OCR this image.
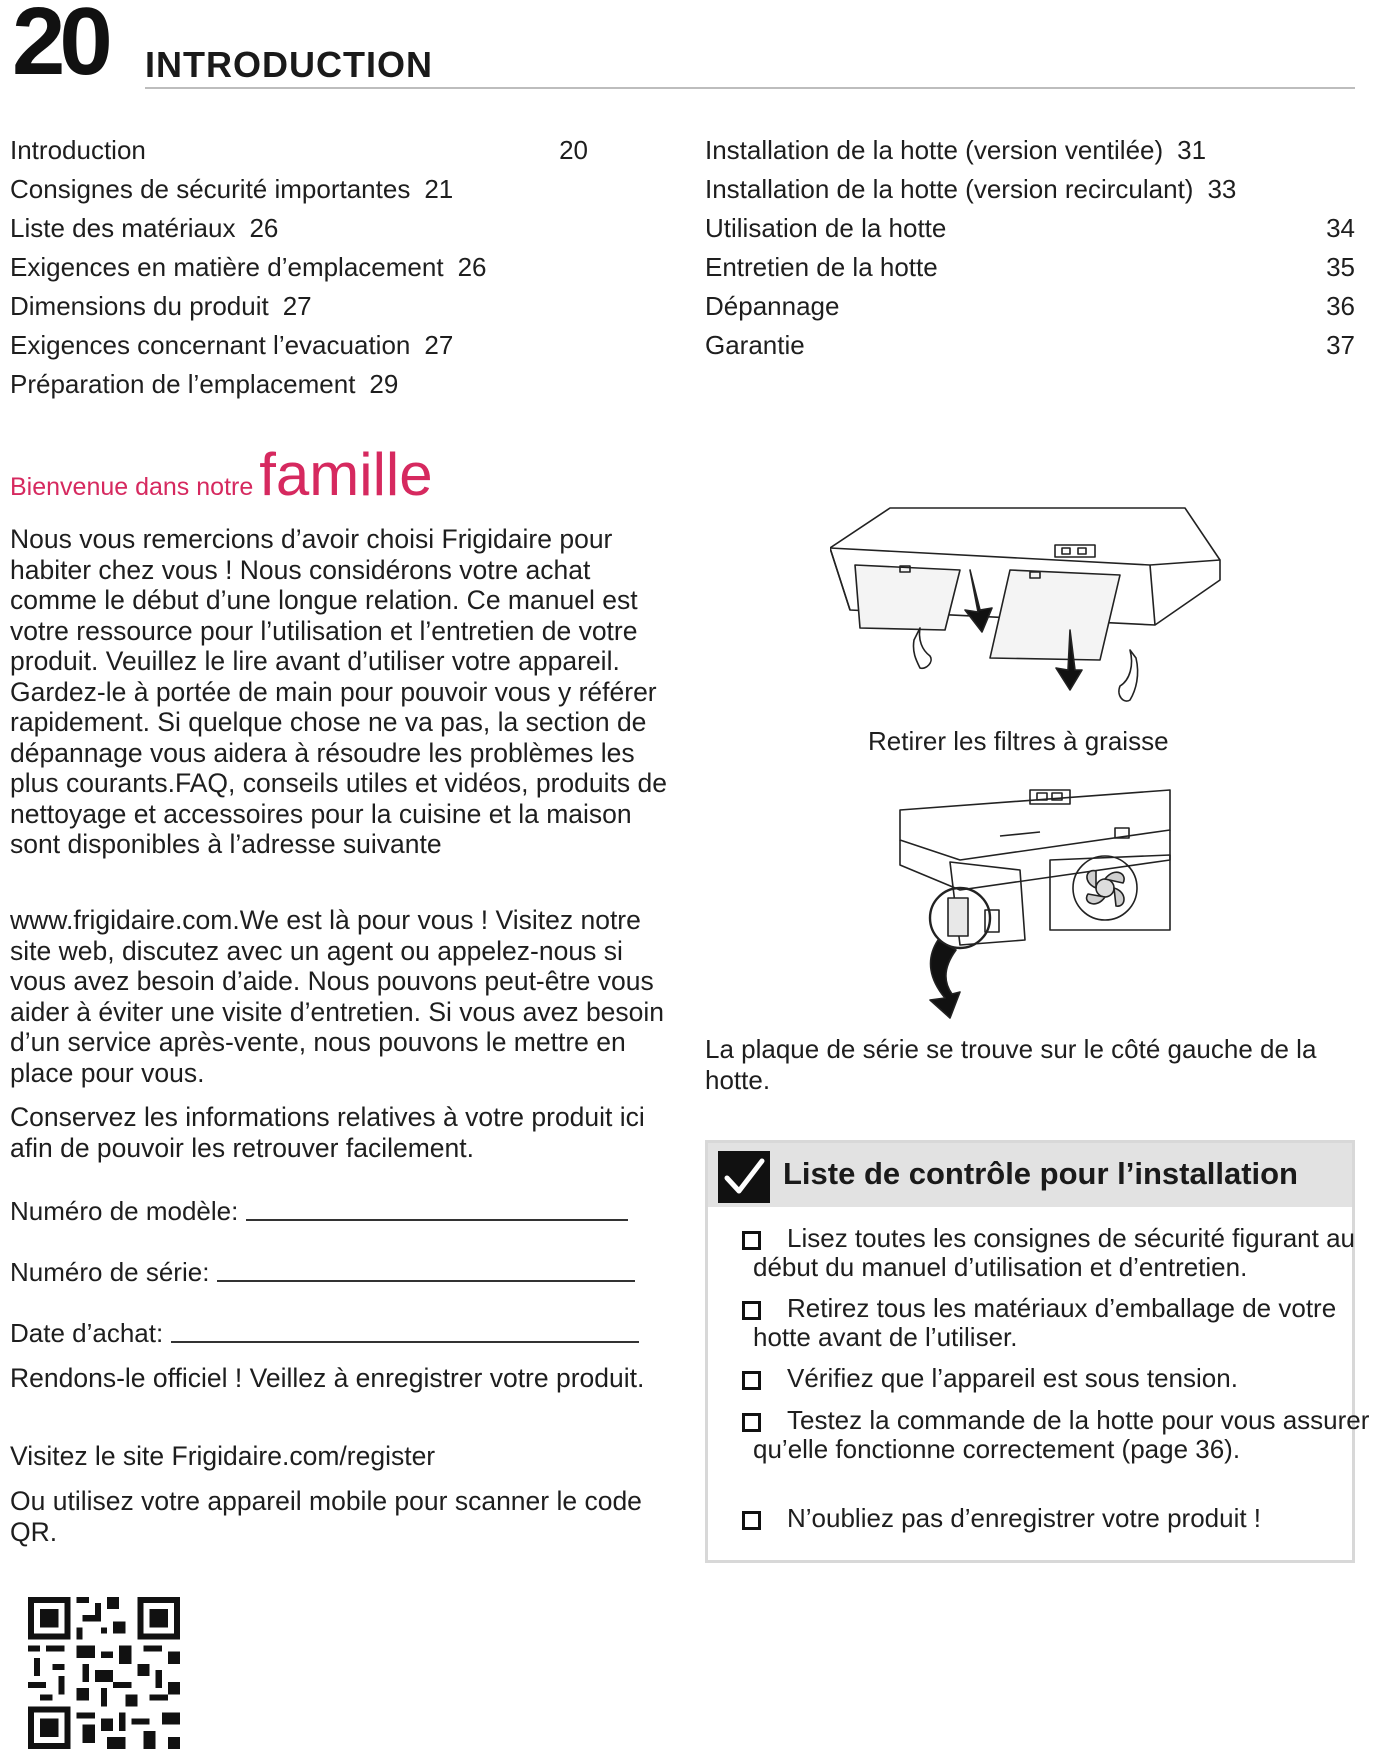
20 INTRODUCTION
Introduction	20
Consignes de sécurité importantes 21
Liste des matériaux 26
Exigences en matière d’emplacement 26
Dimensions du produit 27
Exigences concernant l’evacuation 27
Préparation de l’emplacement 29
Installation de la hotte (version ventilée) 31
Installation de la hotte (version recirculant) 33
Utilisation de la hotte	34
Entretien de la hotte	35
Dépannage	36
Garantie	37
Bienvenue dans notre famille
Nous vous remercions d’avoir choisi Frigidaire pour habiter chez vous ! Nous considérons votre achat comme le début d’une longue relation. Ce manuel est votre ressource pour l’utilisation et l’entretien de votre produit. Veuillez le lire avant d’utiliser votre appareil. Gardez-le à portée de main pour pouvoir vous y référer rapidement. Si quelque chose ne va pas, la section de dépannage vous aidera à résoudre les problèmes les plus courants.FAQ, conseils utiles et vidéos, produits de nettoyage et accessoires pour la cuisine et la maison sont disponibles à l’adresse suivante
www.frigidaire.com.We est là pour vous ! Visitez notre site web, discutez avec un agent ou appelez-nous si vous avez besoin d’aide. Nous pouvons peut-être vous aider à éviter une visite d’entretien. Si vous avez besoin d’un service après-vente, nous pouvons le mettre en place pour vous.
Conservez les informations relatives à votre produit ici afin de pouvoir les retrouver facilement.
Numéro de modèle:
Numéro de série:
Date d’achat:
Rendons-le officiel ! Veillez à enregistrer votre produit.
Visitez le site Frigidaire.com/register
Ou utilisez votre appareil mobile pour scanner le code QR.
Retirer les filtres à graisse
La plaque de série se trouve sur le côté gauche de la hotte.
Liste de contrôle pour l’installation
Lisez toutes les consignes de sécurité figurant au début du manuel d’utilisation et d’entretien.
Retirez tous les matériaux d’emballage de votre hotte avant de l’utiliser.
Vérifiez que l’appareil est sous tension.
Testez la commande de la hotte pour vous assurer qu’elle fonctionne correctement (page 36).
N’oubliez pas d’enregistrer votre produit !
